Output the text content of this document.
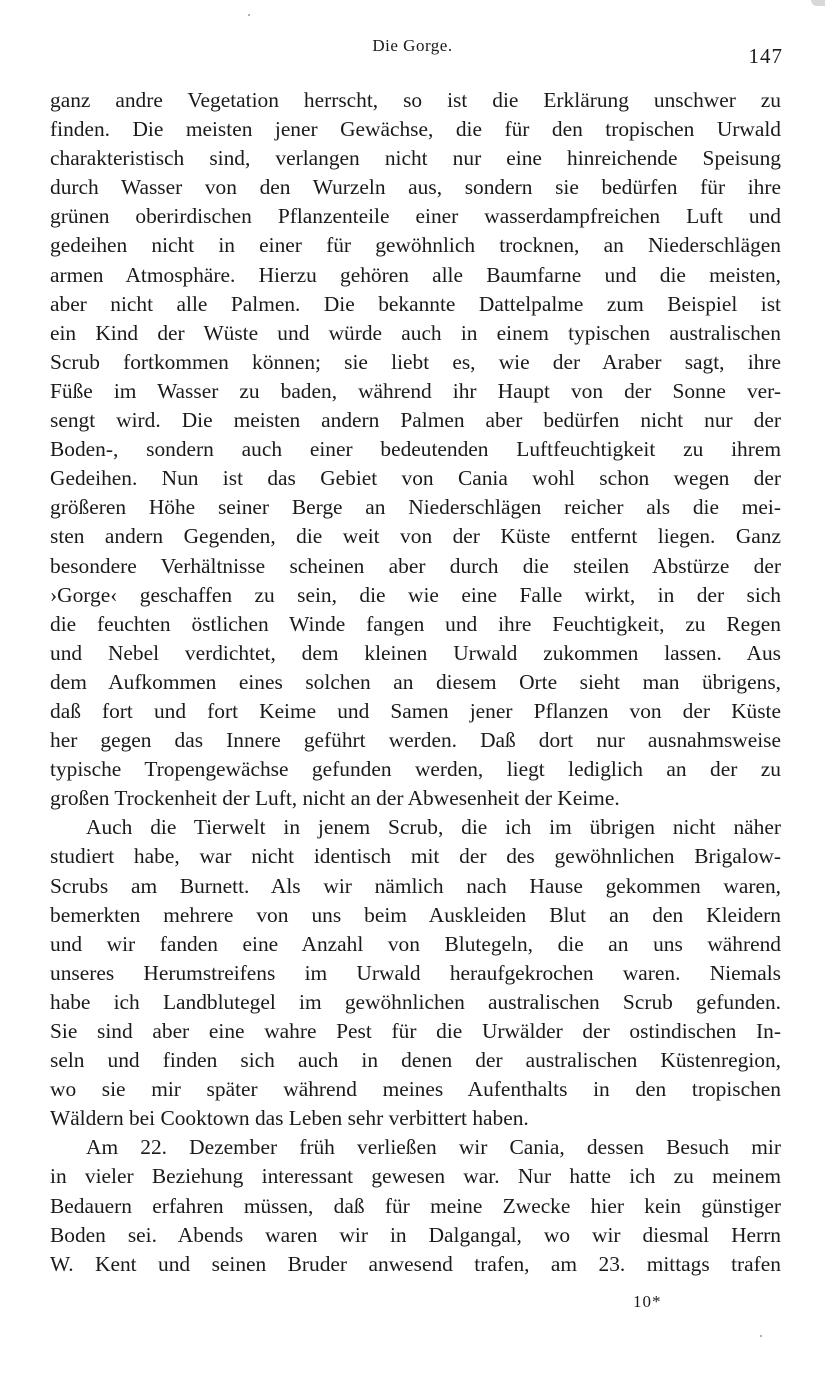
Die Gorge.	147
ganz andre Vegetation herrscht, so ist die Erklärung unschwer zu
finden. Die meisten jener Gewächse, die für den tropischen Urwald
charakteristisch sind, verlangen nicht nur eine hinreichende Speisung
durch Wasser von den Wurzeln aus, sondern sie bedürfen für ihre
grünen oberirdischen Pflanzenteile einer wasserdampfreichen Luft und
gedeihen nicht in einer für gewöhnlich trocknen, an Niederschlägen
armen Atmosphäre. Hierzu gehören alle Baumfarne und die meisten,
aber nicht alle Palmen. Die bekannte Dattelpalme zum Beispiel ist
ein Kind der Wüste und würde auch in einem typischen australischen
Scrub fortkommen können; sie liebt es, wie der Araber sagt, ihre
Füße im Wasser zu baden, während ihr Haupt von der Sonne ver-
sengt wird. Die meisten andern Palmen aber bedürfen nicht nur der
Boden-, sondern auch einer bedeutenden Luftfeuchtigkeit zu ihrem
Gedeihen. Nun ist das Gebiet von Cania wohl schon wegen der
größeren Höhe seiner Berge an Niederschlägen reicher als die mei-
sten andern Gegenden, die weit von der Küste entfernt liegen. Ganz
besondere Verhältnisse scheinen aber durch die steilen Abstürze der
›Gorge‹ geschaffen zu sein, die wie eine Falle wirkt, in der sich
die feuchten östlichen Winde fangen und ihre Feuchtigkeit, zu Regen
und Nebel verdichtet, dem kleinen Urwald zukommen lassen. Aus
dem Aufkommen eines solchen an diesem Orte sieht man übrigens,
daß fort und fort Keime und Samen jener Pflanzen von der Küste
her gegen das Innere geführt werden. Daß dort nur ausnahmsweise
typische Tropengewächse gefunden werden, liegt lediglich an der zu
großen Trockenheit der Luft, nicht an der Abwesenheit der Keime.
Auch die Tierwelt in jenem Scrub, die ich im übrigen nicht näher
studiert habe, war nicht identisch mit der des gewöhnlichen Brigalow-
Scrubs am Burnett. Als wir nämlich nach Hause gekommen waren,
bemerkten mehrere von uns beim Auskleiden Blut an den Kleidern
und wir fanden eine Anzahl von Blutegeln, die an uns während
unseres Herumstreifens im Urwald heraufgekrochen waren. Niemals
habe ich Landblutegel im gewöhnlichen australischen Scrub gefunden.
Sie sind aber eine wahre Pest für die Urwälder der ostindischen In-
seln und finden sich auch in denen der australischen Küstenregion,
wo sie mir später während meines Aufenthalts in den tropischen
Wäldern bei Cooktown das Leben sehr verbittert haben.
Am 22. Dezember früh verließen wir Cania, dessen Besuch mir
in vieler Beziehung interessant gewesen war. Nur hatte ich zu meinem
Bedauern erfahren müssen, daß für meine Zwecke hier kein günstiger
Boden sei. Abends waren wir in Dalgangal, wo wir diesmal Herrn
W. Kent und seinen Bruder anwesend trafen, am 23. mittags trafen
10*
